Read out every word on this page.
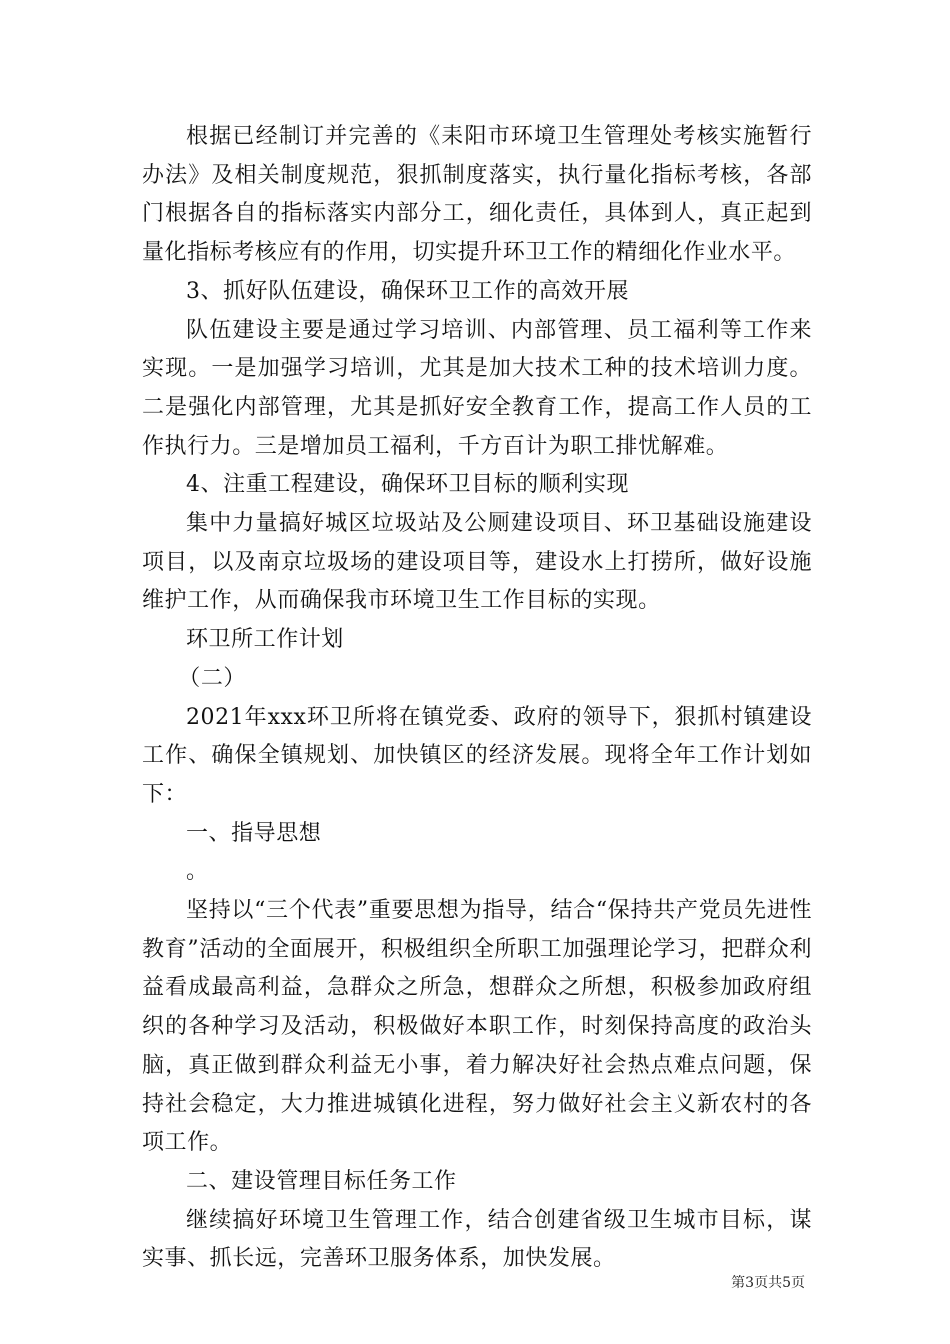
根据已经制订并完善的《耒阳市环境卫生管理处考核实施暂行办法》及相关制度规范，狠抓制度落实，执行量化指标考核，各部门根据各自的指标落实内部分工，细化责任，具体到人，真正起到量化指标考核应有的作用，切实提升环卫工作的精细化作业水平。

3、抓好队伍建设，确保环卫工作的高效开展

队伍建设主要是通过学习培训、内部管理、员工福利等工作来实现。一是加强学习培训，尤其是加大技术工种的技术培训力度。二是强化内部管理，尤其是抓好安全教育工作，提高工作人员的工作执行力。三是增加员工福利，千方百计为职工排忧解难。

4、注重工程建设，确保环卫目标的顺利实现

集中力量搞好城区垃圾站及公厕建设项目、环卫基础设施建设项目，以及南京垃圾场的建设项目等，建设水上打捞所，做好设施维护工作，从而确保我市环境卫生工作目标的实现。

环卫所工作计划

（二）

2021年xxx环卫所将在镇党委、政府的领导下，狠抓村镇建设工作、确保全镇规划、加快镇区的经济发展。现将全年工作计划如下：

一、指导思想

。

坚持以“三个代表”重要思想为指导，结合“保持共产党员先进性教育”活动的全面展开，积极组织全所职工加强理论学习，把群众利益看成最高利益，急群众之所急，想群众之所想，积极参加政府组织的各种学习及活动，积极做好本职工作，时刻保持高度的政治头脑，真正做到群众利益无小事，着力解决好社会热点难点问题，保持社会稳定，大力推进城镇化进程，努力做好社会主义新农村的各项工作。

二、建设管理目标任务工作

继续搞好环境卫生管理工作，结合创建省级卫生城市目标，谋实事、抓长远，完善环卫服务体系，加快发展。

第3页共5页
